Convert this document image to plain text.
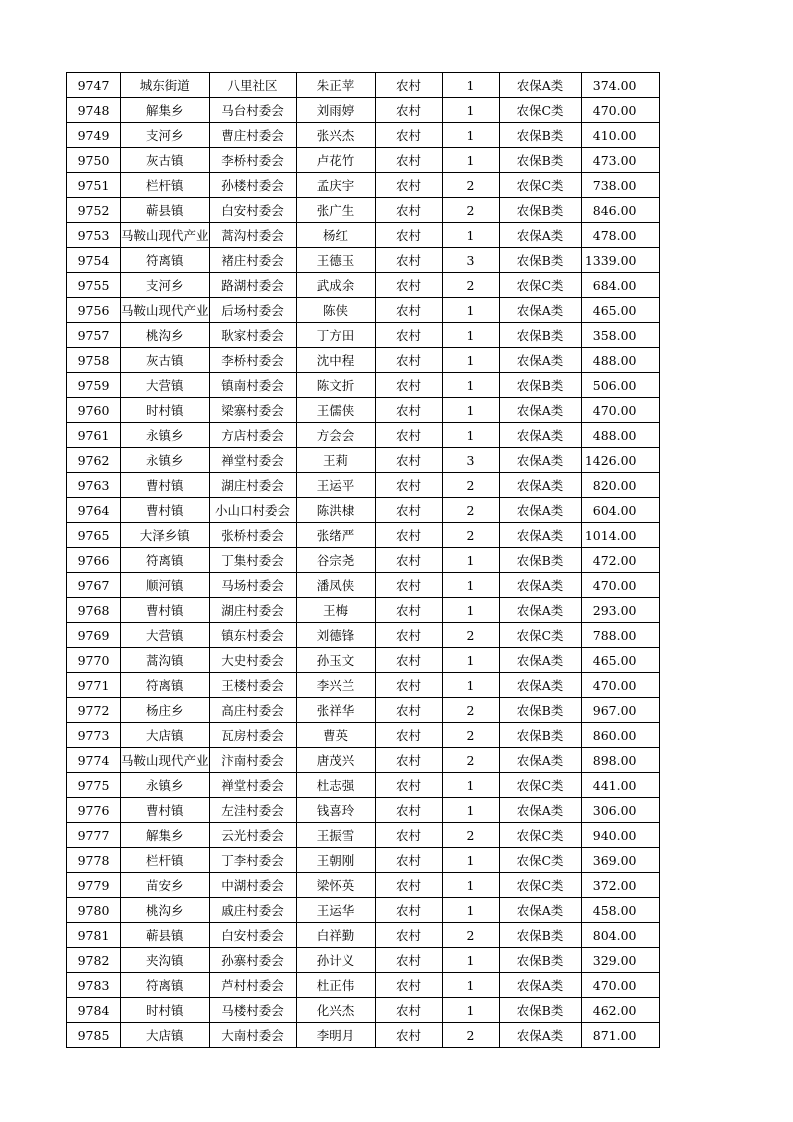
9747	城东街道	八里社区	朱正苹	农村	1	农保A类	374.00
9748	解集乡	马台村委会	刘雨婷	农村	1	农保C类	470.00
9749	支河乡	曹庄村委会	张兴杰	农村	1	农保B类	410.00
9750	灰古镇	李桥村委会	卢花竹	农村	1	农保B类	473.00
9751	栏杆镇	孙楼村委会	孟庆宇	农村	2	农保C类	738.00
9752	蕲县镇	白安村委会	张广生	农村	2	农保B类	846.00
9753	马鞍山现代产业	蒿沟村委会	杨红	农村	1	农保A类	478.00
9754	符离镇	褚庄村委会	王德玉	农村	3	农保B类	1339.00
9755	支河乡	路湖村委会	武成余	农村	2	农保C类	684.00
9756	马鞍山现代产业	后场村委会	陈侠	农村	1	农保A类	465.00
9757	桃沟乡	耿家村委会	丁方田	农村	1	农保B类	358.00
9758	灰古镇	李桥村委会	沈中程	农村	1	农保A类	488.00
9759	大营镇	镇南村委会	陈文折	农村	1	农保B类	506.00
9760	时村镇	梁寨村委会	王儒侠	农村	1	农保A类	470.00
9761	永镇乡	方店村委会	方会会	农村	1	农保A类	488.00
9762	永镇乡	禅堂村委会	王莉	农村	3	农保A类	1426.00
9763	曹村镇	湖庄村委会	王运平	农村	2	农保A类	820.00
9764	曹村镇	小山口村委会	陈洪棣	农村	2	农保A类	604.00
9765	大泽乡镇	张桥村委会	张绪严	农村	2	农保A类	1014.00
9766	符离镇	丁集村委会	谷宗尧	农村	1	农保B类	472.00
9767	顺河镇	马场村委会	潘凤侠	农村	1	农保A类	470.00
9768	曹村镇	湖庄村委会	王梅	农村	1	农保A类	293.00
9769	大营镇	镇东村委会	刘德锋	农村	2	农保C类	788.00
9770	蒿沟镇	大史村委会	孙玉文	农村	1	农保A类	465.00
9771	符离镇	王楼村委会	李兴兰	农村	1	农保A类	470.00
9772	杨庄乡	高庄村委会	张祥华	农村	2	农保B类	967.00
9773	大店镇	瓦房村委会	曹英	农村	2	农保B类	860.00
9774	马鞍山现代产业	汴南村委会	唐茂兴	农村	2	农保A类	898.00
9775	永镇乡	禅堂村委会	杜志强	农村	1	农保C类	441.00
9776	曹村镇	左洼村委会	钱喜玲	农村	1	农保A类	306.00
9777	解集乡	云光村委会	王振雪	农村	2	农保C类	940.00
9778	栏杆镇	丁李村委会	王朝刚	农村	1	农保C类	369.00
9779	苗安乡	中湖村委会	梁怀英	农村	1	农保C类	372.00
9780	桃沟乡	戚庄村委会	王运华	农村	1	农保A类	458.00
9781	蕲县镇	白安村委会	白祥勤	农村	2	农保B类	804.00
9782	夹沟镇	孙寨村委会	孙计义	农村	1	农保B类	329.00
9783	符离镇	芦村村委会	杜正伟	农村	1	农保A类	470.00
9784	时村镇	马楼村委会	化兴杰	农村	1	农保B类	462.00
9785	大店镇	大南村委会	李明月	农村	2	农保A类	871.00
